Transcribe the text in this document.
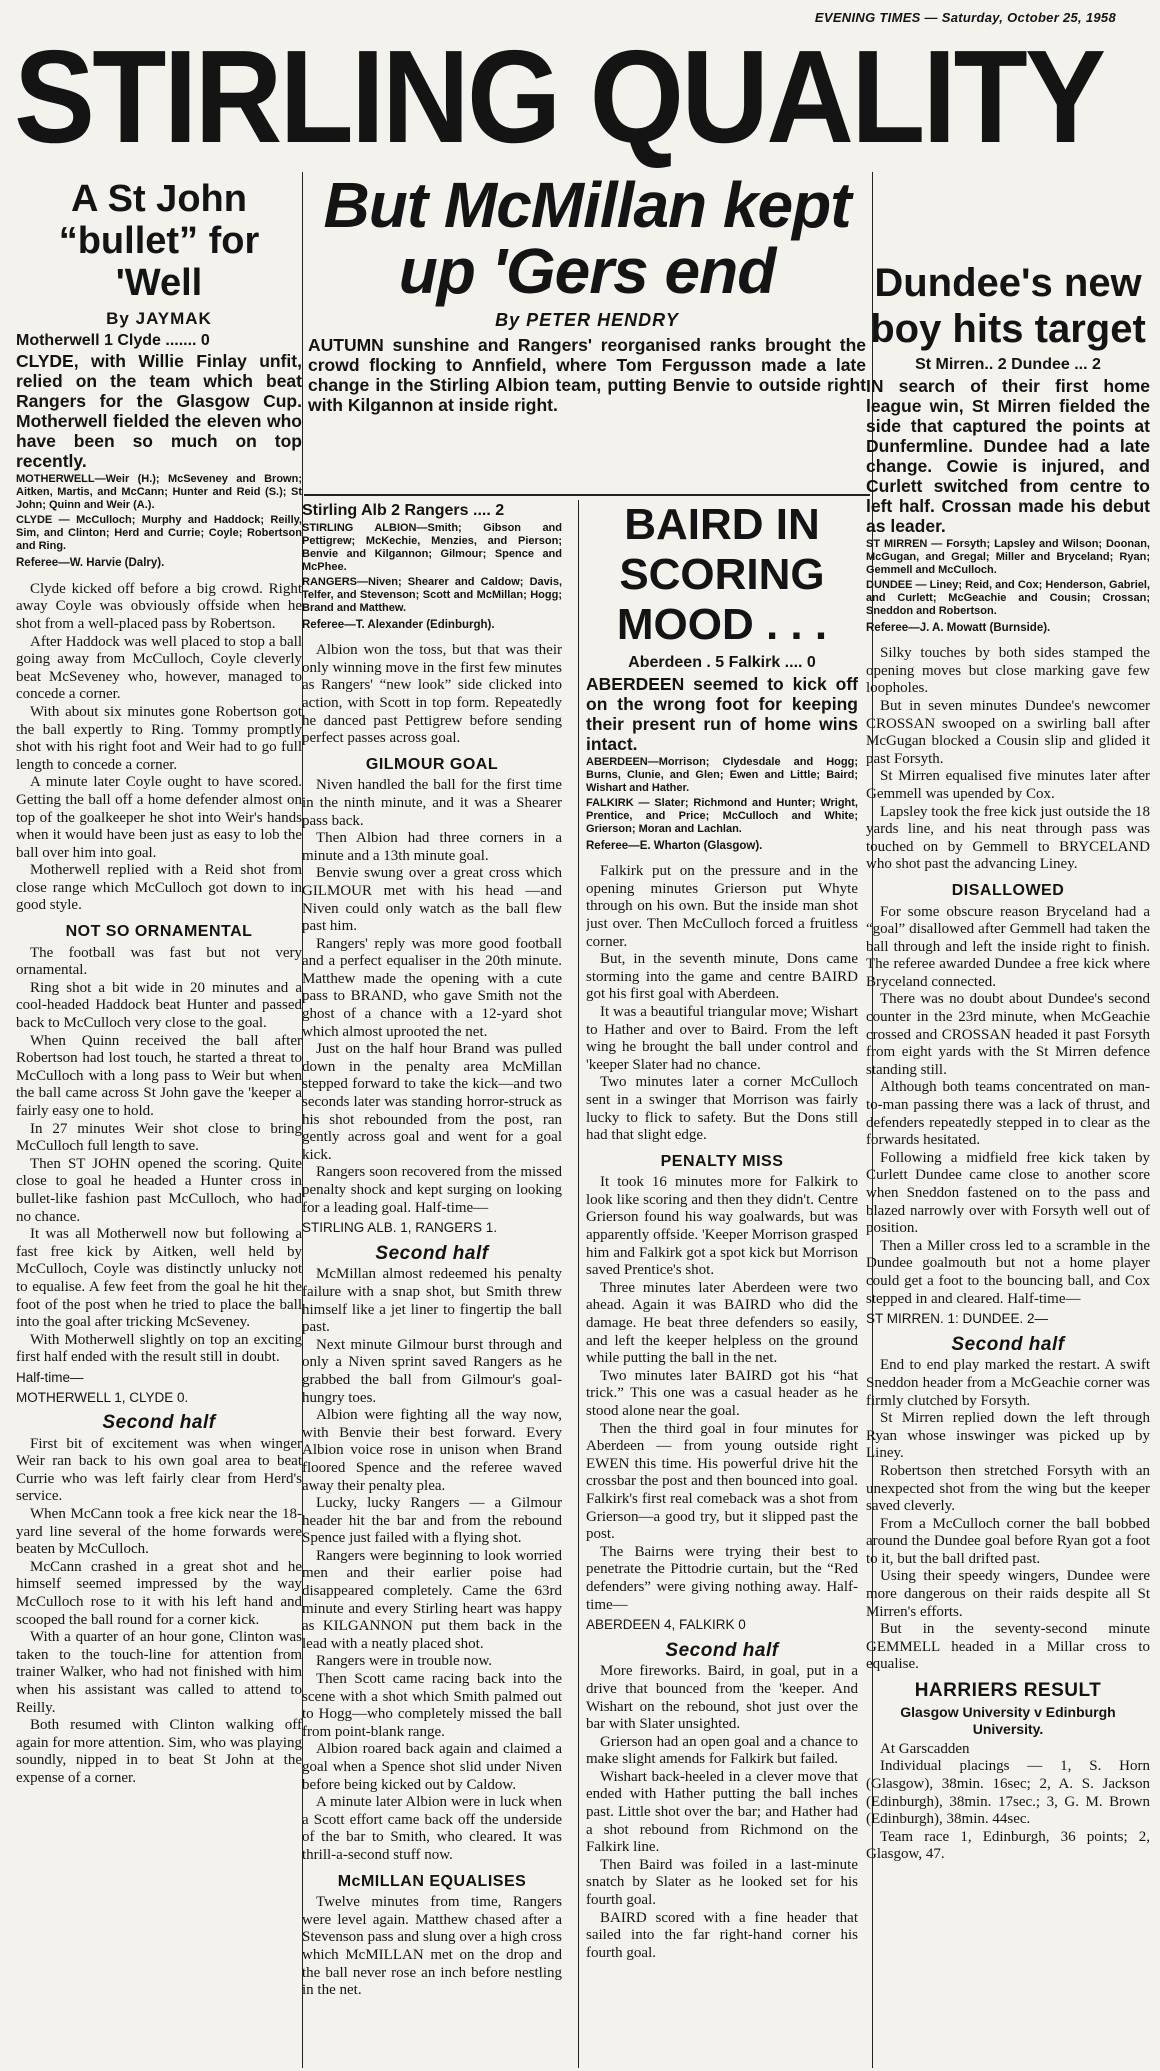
EVENING TIMES — Saturday, October 25, 1958
STIRLING QUALITY
A St John “bullet” for 'Well
By JAYMAK
Motherwell 1 Clyde ....... 0
CLYDE, with Willie Finlay unfit, relied on the team which beat Rangers for the Glasgow Cup. Motherwell fielded the eleven who have been so much on top recently.
MOTHERWELL—Weir (H.); McSeveney and Brown; Aitken, Martis, and McCann; Hunter and Reid (S.); St John; Quinn and Weir (A.).
CLYDE — McCulloch; Murphy and Haddock; Reilly, Sim, and Clinton; Herd and Currie; Coyle; Robertson and Ring.
Referee—W. Harvie (Dalry).

Clyde kicked off before a big crowd. Right away Coyle was obviously offside when he shot from a well-placed pass by Robertson.

After Haddock was well placed to stop a ball going away from McCulloch, Coyle cleverly beat McSeveney who, however, managed to concede a corner.

With about six minutes gone Robertson got the ball expertly to Ring. Tommy promptly shot with his right foot and Weir had to go full length to concede a corner.

A minute later Coyle ought to have scored. Getting the ball off a home defender almost on top of the goalkeeper he shot into Weir's hands when it would have been just as easy to lob the ball over him into goal.

Motherwell replied with a Reid shot from close range which McCulloch got down to in good style.

NOT SO ORNAMENTAL

The football was fast but not very ornamental.

Ring shot a bit wide in 20 minutes and a cool-headed Haddock beat Hunter and passed back to McCulloch very close to the goal.

When Quinn received the ball after Robertson had lost touch, he started a threat to McCulloch with a long pass to Weir but when the ball came across St John gave the 'keeper a fairly easy one to hold.

In 27 minutes Weir shot close to bring McCulloch full length to save.

Then ST JOHN opened the scoring. Quite close to goal he headed a Hunter cross in bullet-like fashion past McCulloch, who had no chance.

It was all Motherwell now but following a fast free kick by Aitken, well held by McCulloch, Coyle was distinctly unlucky not to equalise. A few feet from the goal he hit the foot of the post when he tried to place the ball into the goal after tricking McSeveney.

With Motherwell slightly on top an exciting first half ended with the result still in doubt.

Half-time—

MOTHERWELL 1, CLYDE 0.

Second half

First bit of excitement was when winger Weir ran back to his own goal area to beat Currie who was left fairly clear from Herd's service.

When McCann took a free kick near the 18-yard line several of the home forwards were beaten by McCulloch.

McCann crashed in a great shot and he himself seemed impressed by the way McCulloch rose to it with his left hand and scooped the ball round for a corner kick.

With a quarter of an hour gone, Clinton was taken to the touch-line for attention from trainer Walker, who had not finished with him when his assistant was called to attend to Reilly.

Both resumed with Clinton walking off again for more attention. Sim, who was playing soundly, nipped in to beat St John at the expense of a corner.

But McMillan kept up 'Gers end
By PETER HENDRY
AUTUMN sunshine and Rangers' reorganised ranks brought the crowd flocking to Annfield, where Tom Fergusson made a late change in the Stirling Albion team, putting Benvie to outside right with Kilgannon at inside right.
Stirling Alb 2 Rangers .... 2
STIRLING ALBION—Smith; Gibson and Pettigrew; McKechie, Menzies, and Pierson; Benvie and Kilgannon; Gilmour; Spence and McPhee.
RANGERS—Niven; Shearer and Caldow; Davis, Telfer, and Stevenson; Scott and McMillan; Hogg; Brand and Matthew.
Referee—T. Alexander (Edinburgh).

Albion won the toss, but that was their only winning move in the first few minutes as Rangers' “new look” side clicked into action, with Scott in top form. Repeatedly he danced past Pettigrew before sending perfect passes across goal.

GILMOUR GOAL

Niven handled the ball for the first time in the ninth minute, and it was a Shearer pass back.

Then Albion had three corners in a minute and a 13th minute goal.

Benvie swung over a great cross which GILMOUR met with his head —and Niven could only watch as the ball flew past him.

Rangers' reply was more good football and a perfect equaliser in the 20th minute. Matthew made the opening with a cute pass to BRAND, who gave Smith not the ghost of a chance with a 12-yard shot which almost uprooted the net.

Just on the half hour Brand was pulled down in the penalty area McMillan stepped forward to take the kick—and two seconds later was standing horror-struck as his shot rebounded from the post, ran gently across goal and went for a goal kick.

Rangers soon recovered from the missed penalty shock and kept surging on looking for a leading goal. Half-time—

STIRLING ALB. 1, RANGERS 1.

Second half

McMillan almost redeemed his penalty failure with a snap shot, but Smith threw himself like a jet liner to fingertip the ball past.

Next minute Gilmour burst through and only a Niven sprint saved Rangers as he grabbed the ball from Gilmour's goal-hungry toes.

Albion were fighting all the way now, with Benvie their best forward. Every Albion voice rose in unison when Brand floored Spence and the referee waved away their penalty plea.

Lucky, lucky Rangers — a Gilmour header hit the bar and from the rebound Spence just failed with a flying shot.

Rangers were beginning to look worried men and their earlier poise had disappeared completely. Came the 63rd minute and every Stirling heart was happy as KILGANNON put them back in the lead with a neatly placed shot.

Rangers were in trouble now.

Then Scott came racing back into the scene with a shot which Smith palmed out to Hogg—who completely missed the ball from point-blank range.

Albion roared back again and claimed a goal when a Spence shot slid under Niven before being kicked out by Caldow.

A minute later Albion were in luck when a Scott effort came back off the underside of the bar to Smith, who cleared. It was thrill-a-second stuff now.

McMILLAN EQUALISES

Twelve minutes from time, Rangers were level again. Matthew chased after a Stevenson pass and slung over a high cross which McMILLAN met on the drop and the ball never rose an inch before nestling in the net.

BAIRD IN SCORING MOOD . . .
Aberdeen . 5 Falkirk .... 0
ABERDEEN seemed to kick off on the wrong foot for keeping their present run of home wins intact.
ABERDEEN—Morrison; Clydesdale and Hogg; Burns, Clunie, and Glen; Ewen and Little; Baird; Wishart and Hather.
FALKIRK — Slater; Richmond and Hunter; Wright, Prentice, and Price; McCulloch and White; Grierson; Moran and Lachlan.
Referee—E. Wharton (Glasgow).

Falkirk put on the pressure and in the opening minutes Grierson put Whyte through on his own. But the inside man shot just over. Then McCulloch forced a fruitless corner.

But, in the seventh minute, Dons came storming into the game and centre BAIRD got his first goal with Aberdeen.

It was a beautiful triangular move; Wishart to Hather and over to Baird. From the left wing he brought the ball under control and 'keeper Slater had no chance.

Two minutes later a corner McCulloch sent in a swinger that Morrison was fairly lucky to flick to safety. But the Dons still had that slight edge.

PENALTY MISS

It took 16 minutes more for Falkirk to look like scoring and then they didn't. Centre Grierson found his way goalwards, but was apparently offside. 'Keeper Morrison grasped him and Falkirk got a spot kick but Morrison saved Prentice's shot.

Three minutes later Aberdeen were two ahead. Again it was BAIRD who did the damage. He beat three defenders so easily, and left the keeper helpless on the ground while putting the ball in the net.

Two minutes later BAIRD got his “hat trick.” This one was a casual header as he stood alone near the goal.

Then the third goal in four minutes for Aberdeen — from young outside right EWEN this time. His powerful drive hit the crossbar the post and then bounced into goal. Falkirk's first real comeback was a shot from Grierson—a good try, but it slipped past the post.

The Bairns were trying their best to penetrate the Pittodrie curtain, but the “Red defenders” were giving nothing away. Half-time—

ABERDEEN 4, FALKIRK 0

Second half

More fireworks. Baird, in goal, put in a drive that bounced from the 'keeper. And Wishart on the rebound, shot just over the bar with Slater unsighted.

Grierson had an open goal and a chance to make slight amends for Falkirk but failed.

Wishart back-heeled in a clever move that ended with Hather putting the ball inches past. Little shot over the bar; and Hather had a shot rebound from Richmond on the Falkirk line.

Then Baird was foiled in a last-minute snatch by Slater as he looked set for his fourth goal.

BAIRD scored with a fine header that sailed into the far right-hand corner his fourth goal.

Dundee's new boy hits target
St Mirren.. 2 Dundee ... 2
IN search of their first home league win, St Mirren fielded the side that captured the points at Dunfermline. Dundee had a late change. Cowie is injured, and Curlett switched from centre to left half. Crossan made his debut as leader.
ST MIRREN — Forsyth; Lapsley and Wilson; Doonan, McGugan, and Gregal; Miller and Bryceland; Ryan; Gemmell and McCulloch.
DUNDEE — Liney; Reid, and Cox; Henderson, Gabriel, and Curlett; McGeachie and Cousin; Crossan; Sneddon and Robertson.
Referee—J. A. Mowatt (Burnside).

Silky touches by both sides stamped the opening moves but close marking gave few loopholes.

But in seven minutes Dundee's newcomer CROSSAN swooped on a swirling ball after McGugan blocked a Cousin slip and glided it past Forsyth.

St Mirren equalised five minutes later after Gemmell was upended by Cox.

Lapsley took the free kick just outside the 18 yards line, and his neat through pass was touched on by Gemmell to BRYCELAND who shot past the advancing Liney.

DISALLOWED

For some obscure reason Bryceland had a “goal” disallowed after Gemmell had taken the ball through and left the inside right to finish. The referee awarded Dundee a free kick where Bryceland connected.

There was no doubt about Dundee's second counter in the 23rd minute, when McGeachie crossed and CROSSAN headed it past Forsyth from eight yards with the St Mirren defence standing still.

Although both teams concentrated on man-to-man passing there was a lack of thrust, and defenders repeatedly stepped in to clear as the forwards hesitated.

Following a midfield free kick taken by Curlett Dundee came close to another score when Sneddon fastened on to the pass and blazed narrowly over with Forsyth well out of position.

Then a Miller cross led to a scramble in the Dundee goalmouth but not a home player could get a foot to the bouncing ball, and Cox stepped in and cleared. Half-time—

ST MIRREN. 1: DUNDEE. 2—

Second half

End to end play marked the restart. A swift Sneddon header from a McGeachie corner was firmly clutched by Forsyth.

St Mirren replied down the left through Ryan whose inswinger was picked up by Liney.

Robertson then stretched Forsyth with an unexpected shot from the wing but the keeper saved cleverly.

From a McCulloch corner the ball bobbed around the Dundee goal before Ryan got a foot to it, but the ball drifted past.

Using their speedy wingers, Dundee were more dangerous on their raids despite all St Mirren's efforts.

But in the seventy-second minute GEMMELL headed in a Millar cross to equalise.

HARRIERS RESULT
Glasgow University v Edinburgh University.

At Garscadden

Individual placings — 1, S. Horn (Glasgow), 38min. 16sec; 2, A. S. Jackson (Edinburgh), 38min. 17sec.; 3, G. M. Brown (Edinburgh), 38min. 44sec.

Team race 1, Edinburgh, 36 points; 2, Glasgow, 47.
